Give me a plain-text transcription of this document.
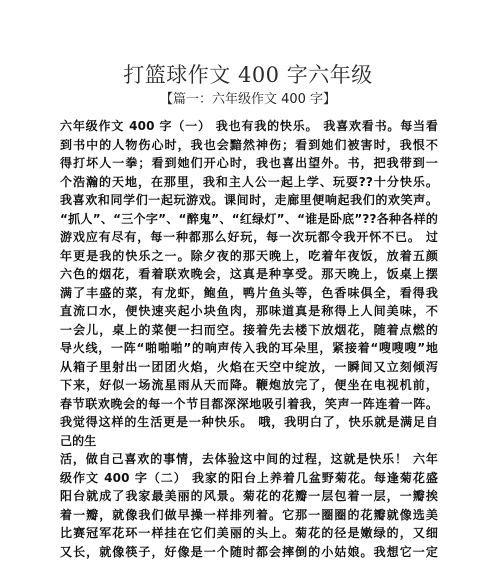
打篮球作文 400 字六年级
【篇一：六年级作文 400 字】
六年级作文 400 字（一） 我也有我的快乐。 我喜欢看书。每当看
到书中的人物伤心时，我也会黯然神伤；看到她们被害时，我恨不
得打坏人一拳；看到她们开心时，我也喜出望外。书，把我带到一
个浩瀚的天地，在那里，我和主人公一起上学、玩耍??十分快乐。
我喜欢和同学们一起玩游戏。课间时，走廊里便响起我们的欢笑声。
“抓人”、“三个字”、“醉鬼”、“红绿灯”、“谁是卧底”??各种各样的
游戏应有尽有，每一种都那么好玩，每一次玩都令我开怀不已。 过
年更是我的快乐之一。除夕夜的那天晚上，吃着年夜饭，放着五颜
六色的烟花，看着联欢晚会，这真是种享受。那天晚上，饭桌上摆
满了丰盛的菜，有龙虾，鲍鱼，鸭片鱼头等，色香味俱全，看得我
直流口水，便快速夹起小块鱼肉，那味道真是称得上人间美味，不
一会儿，桌上的菜便一扫而空。接着先去楼下放烟花，随着点燃的
导火线，一阵“啪啪啪”的响声传入我的耳朵里，紧接着“嗖嗖嗖”地
从箱子里射出一团团火焰，火焰在天空中绽放，一瞬间又立刻倾泻
下来，好似一场流星雨从天而降。鞭炮放完了，便坐在电视机前，
春节联欢晚会的每一个节目都深深地吸引着我，笑声一阵连着一阵。
我觉得这样的生活更是一种快乐。 哦，我明白了，快乐就是满足自
己的生
活，做自己喜欢的事情，去体验这中间的过程，这就是快乐！ 六年
级作文 400 字（二） 我家的阳台上养着几盆野菊花。每逢菊花盛
阳台就成了我家最美丽的风景。菊花的花瓣一层包着一层，一瓣挨
着一瓣，就像我们做早操一样排列着。它那一圈圈的花瓣就像选美
比赛冠军花环一样挂在它们美丽的头上。菊花的径是嫩绿的，又细
又长，就像筷子，好像是一个随时都会摔倒的小姑娘。我想它一定
